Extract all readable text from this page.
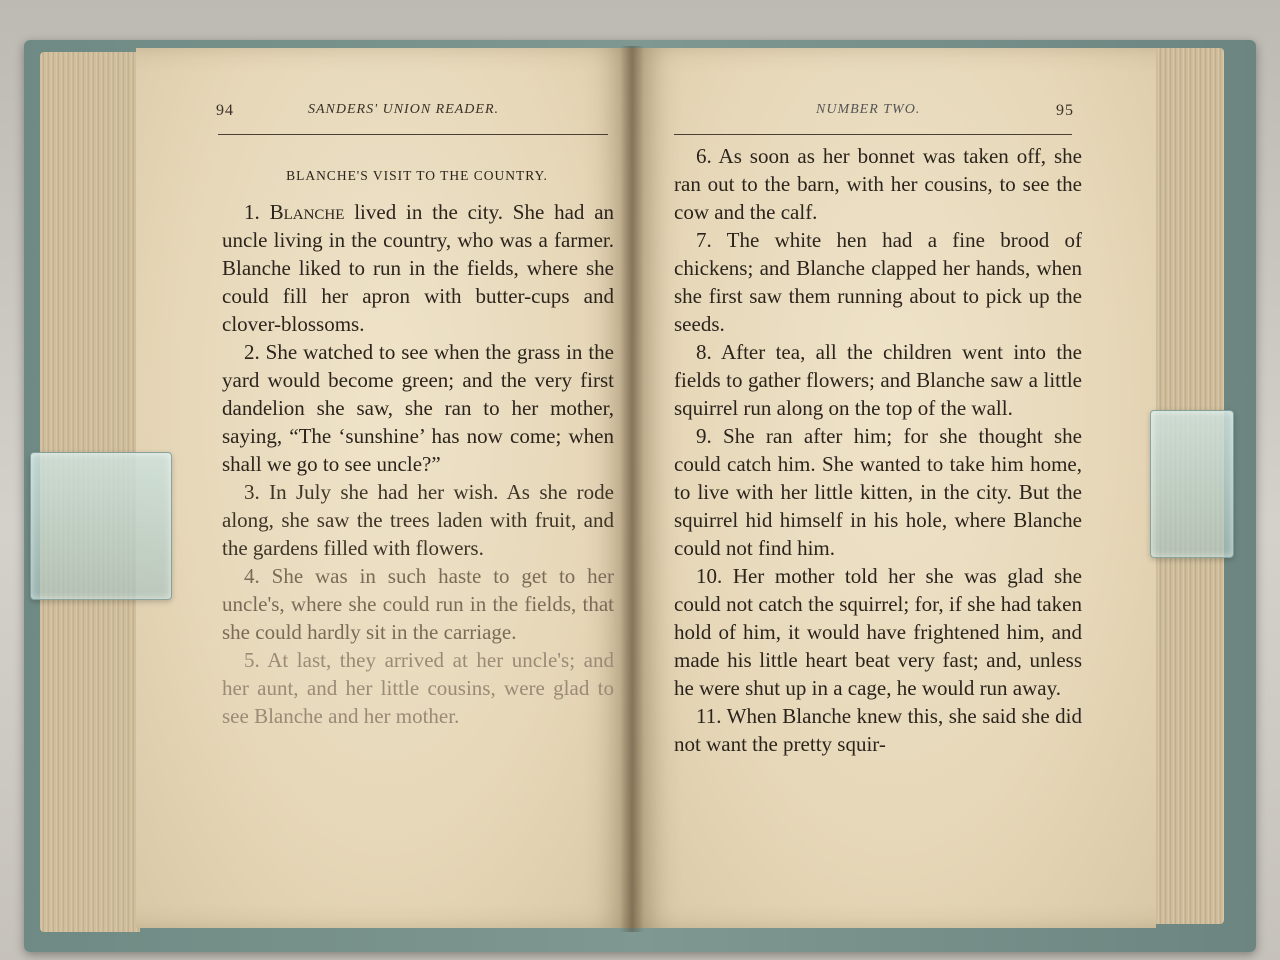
94	SANDERS' UNION READER.
BLANCHE'S VISIT TO THE COUNTRY.

1. Blanche lived in the city. She had an uncle living in the country, who was a farmer. Blanche liked to run in the fields, where she could fill her apron with butter-cups and clover-blossoms.

2. She watched to see when the grass in the yard would become green; and the very first dandelion she saw, she ran to her mother, saying, “The ‘sunshine’ has now come; when shall we go to see uncle?”

3. In July she had her wish. As she rode along, she saw the trees laden with fruit, and the gardens filled with flowers.

4. She was in such haste to get to her uncle's, where she could run in the fields, that she could hardly sit in the carriage.

5. At last, they arrived at her uncle's; and her aunt, and her little cousins, were glad to see Blanche and her mother.

NUMBER TWO.	95

6. As soon as her bonnet was taken off, she ran out to the barn, with her cousins, to see the cow and the calf.

7. The white hen had a fine brood of chickens; and Blanche clapped her hands, when she first saw them running about to pick up the seeds.

8. After tea, all the children went into the fields to gather flowers; and Blanche saw a little squirrel run along on the top of the wall.

9. She ran after him; for she thought she could catch him. She wanted to take him home, to live with her little kitten, in the city. But the squirrel hid himself in his hole, where Blanche could not find him.

10. Her mother told her she was glad she could not catch the squirrel; for, if she had taken hold of him, it would have frightened him, and made his little heart beat very fast; and, unless he were shut up in a cage, he would run away.

11. When Blanche knew this, she said she did not want the pretty squir-
